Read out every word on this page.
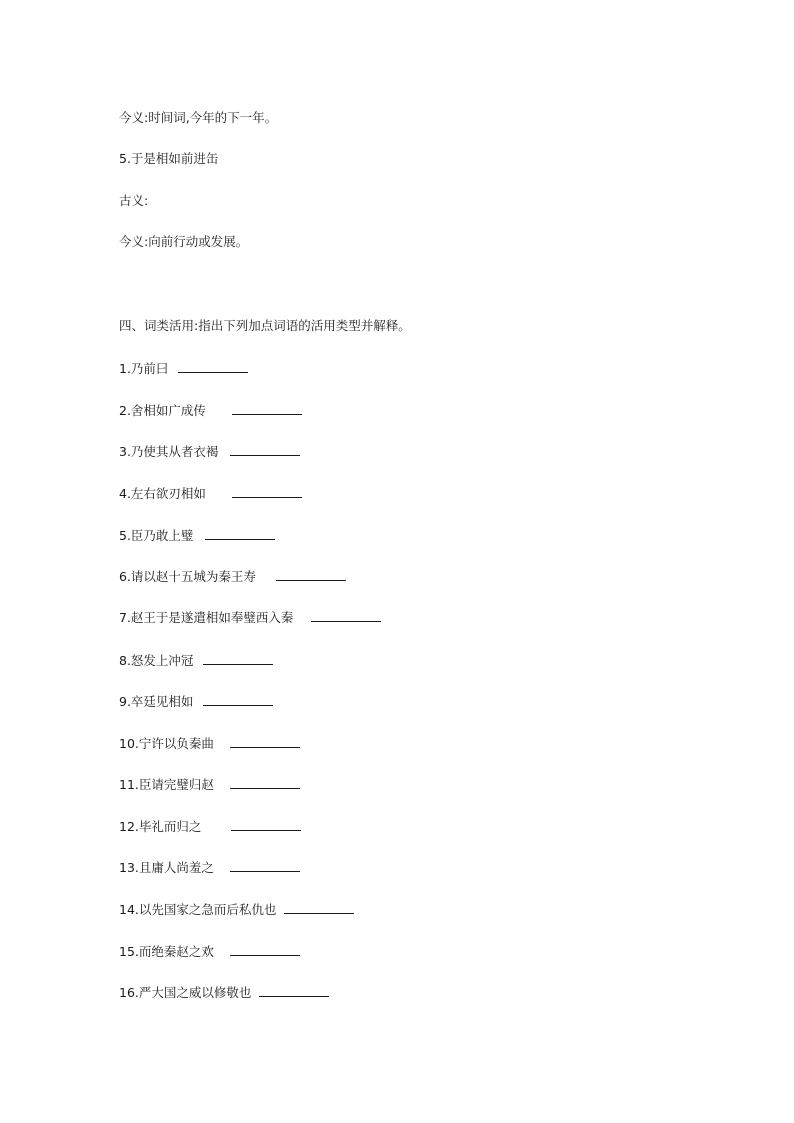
今义:时间词,今年的下一年。
5.于是相如前进缶
古义:
今义:向前行动或发展。
四、词类活用:指出下列加点词语的活用类型并解释。
1.乃前曰
2.舍相如广成传
3.乃使其从者衣褐
4.左右欲刃相如
5.臣乃敢上璧
6.请以赵十五城为秦王寿
7.赵王于是遂遣相如奉璧西入秦
8.怒发上冲冠
9.卒廷见相如
10.宁许以负秦曲
11.臣请完璧归赵
12.毕礼而归之
13.且庸人尚羞之
14.以先国家之急而后私仇也
15.而绝秦赵之欢
16.严大国之威以修敬也
